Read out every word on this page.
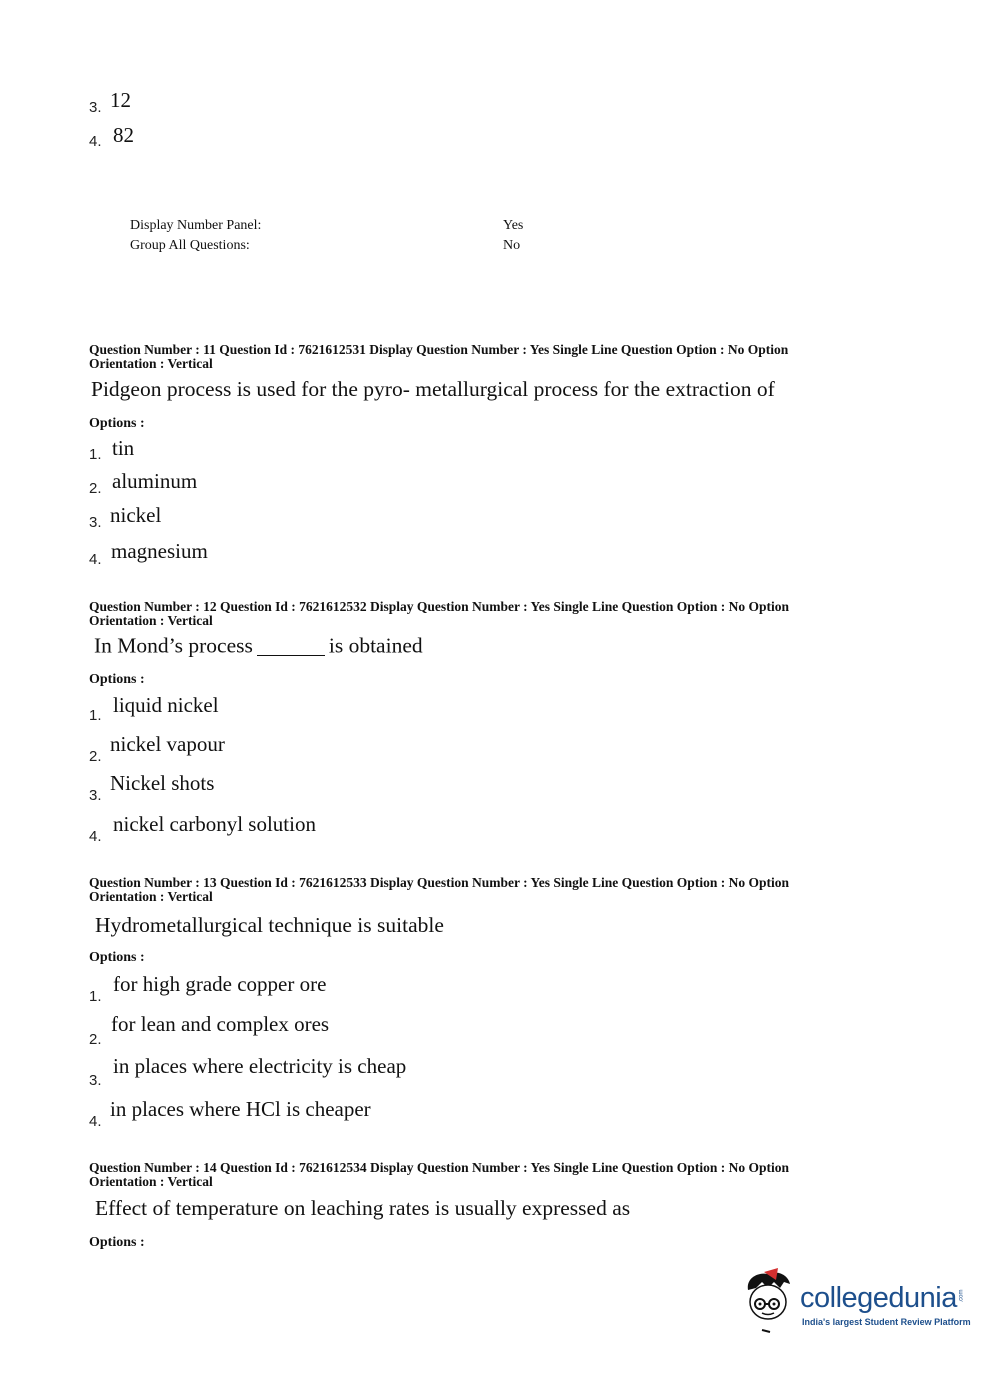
3. 12
4. 82
Display Number Panel:	Yes
Group All Questions:	No
Question Number : 11 Question Id : 7621612531 Display Question Number : Yes Single Line Question Option : No Option
Orientation : Vertical
Pidgeon process is used for the pyro- metallurgical process for the extraction of
Options :
1. tin
2. aluminum
3. nickel
4. magnesium
Question Number : 12 Question Id : 7621612532 Display Question Number : Yes Single Line Question Option : No Option
Orientation : Vertical
In Mond’s process	is obtained
Options :
1. liquid nickel
2.
nickel vapour
3.
Nickel shots
4.
nickel carbonyl solution
Question Number : 13 Question Id : 7621612533 Display Question Number : Yes Single Line Question Option : No Option
Orientation : Vertical
Hydrometallurgical technique is suitable
Options :
1.
for high grade copper ore
2.
for lean and complex ores
3.
in places where electricity is cheap
4.
in places where HCl is cheaper
Question Number : 14 Question Id : 7621612534 Display Question Number : Yes Single Line Question Option : No Option
Orientation : Vertical
Effect of temperature on leaching rates is usually expressed as
Options :
collegedunia .com
India's largest Student Review Platform
